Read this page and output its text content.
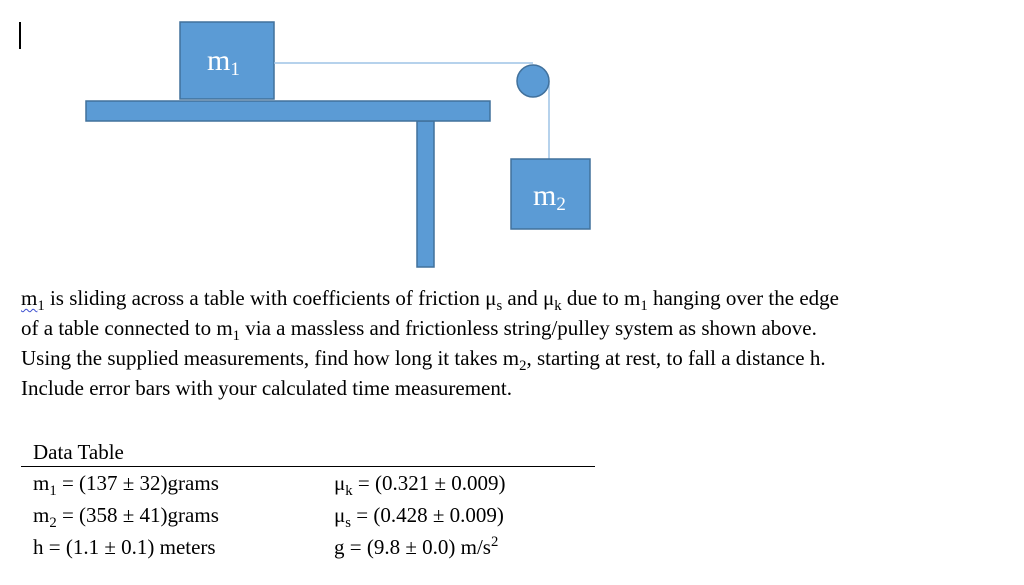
m1
m2

$m_1$ is sliding across a table with coefficients of friction $\mu_s$ and $\mu_k$ due to $m_1$ hanging over the edge
of a table connected to $m_1$ via a massless and frictionless string/pulley system as shown above.
Using the supplied measurements, find how long it takes $m_2$, starting at rest, to fall a distance h.
Include error bars with your calculated time measurement.

Data Table
$m_1 = (137$ ± 32)grams	$\mu_k = (0.321 \pm 0.009)$
$m_2 = (358$ ± 41)grams	$\mu_s = (0.428 \pm 0.009)$
h = (1.1 ± 0.1) meters	g = (9.8 ± 0.0) $m/s^2$
